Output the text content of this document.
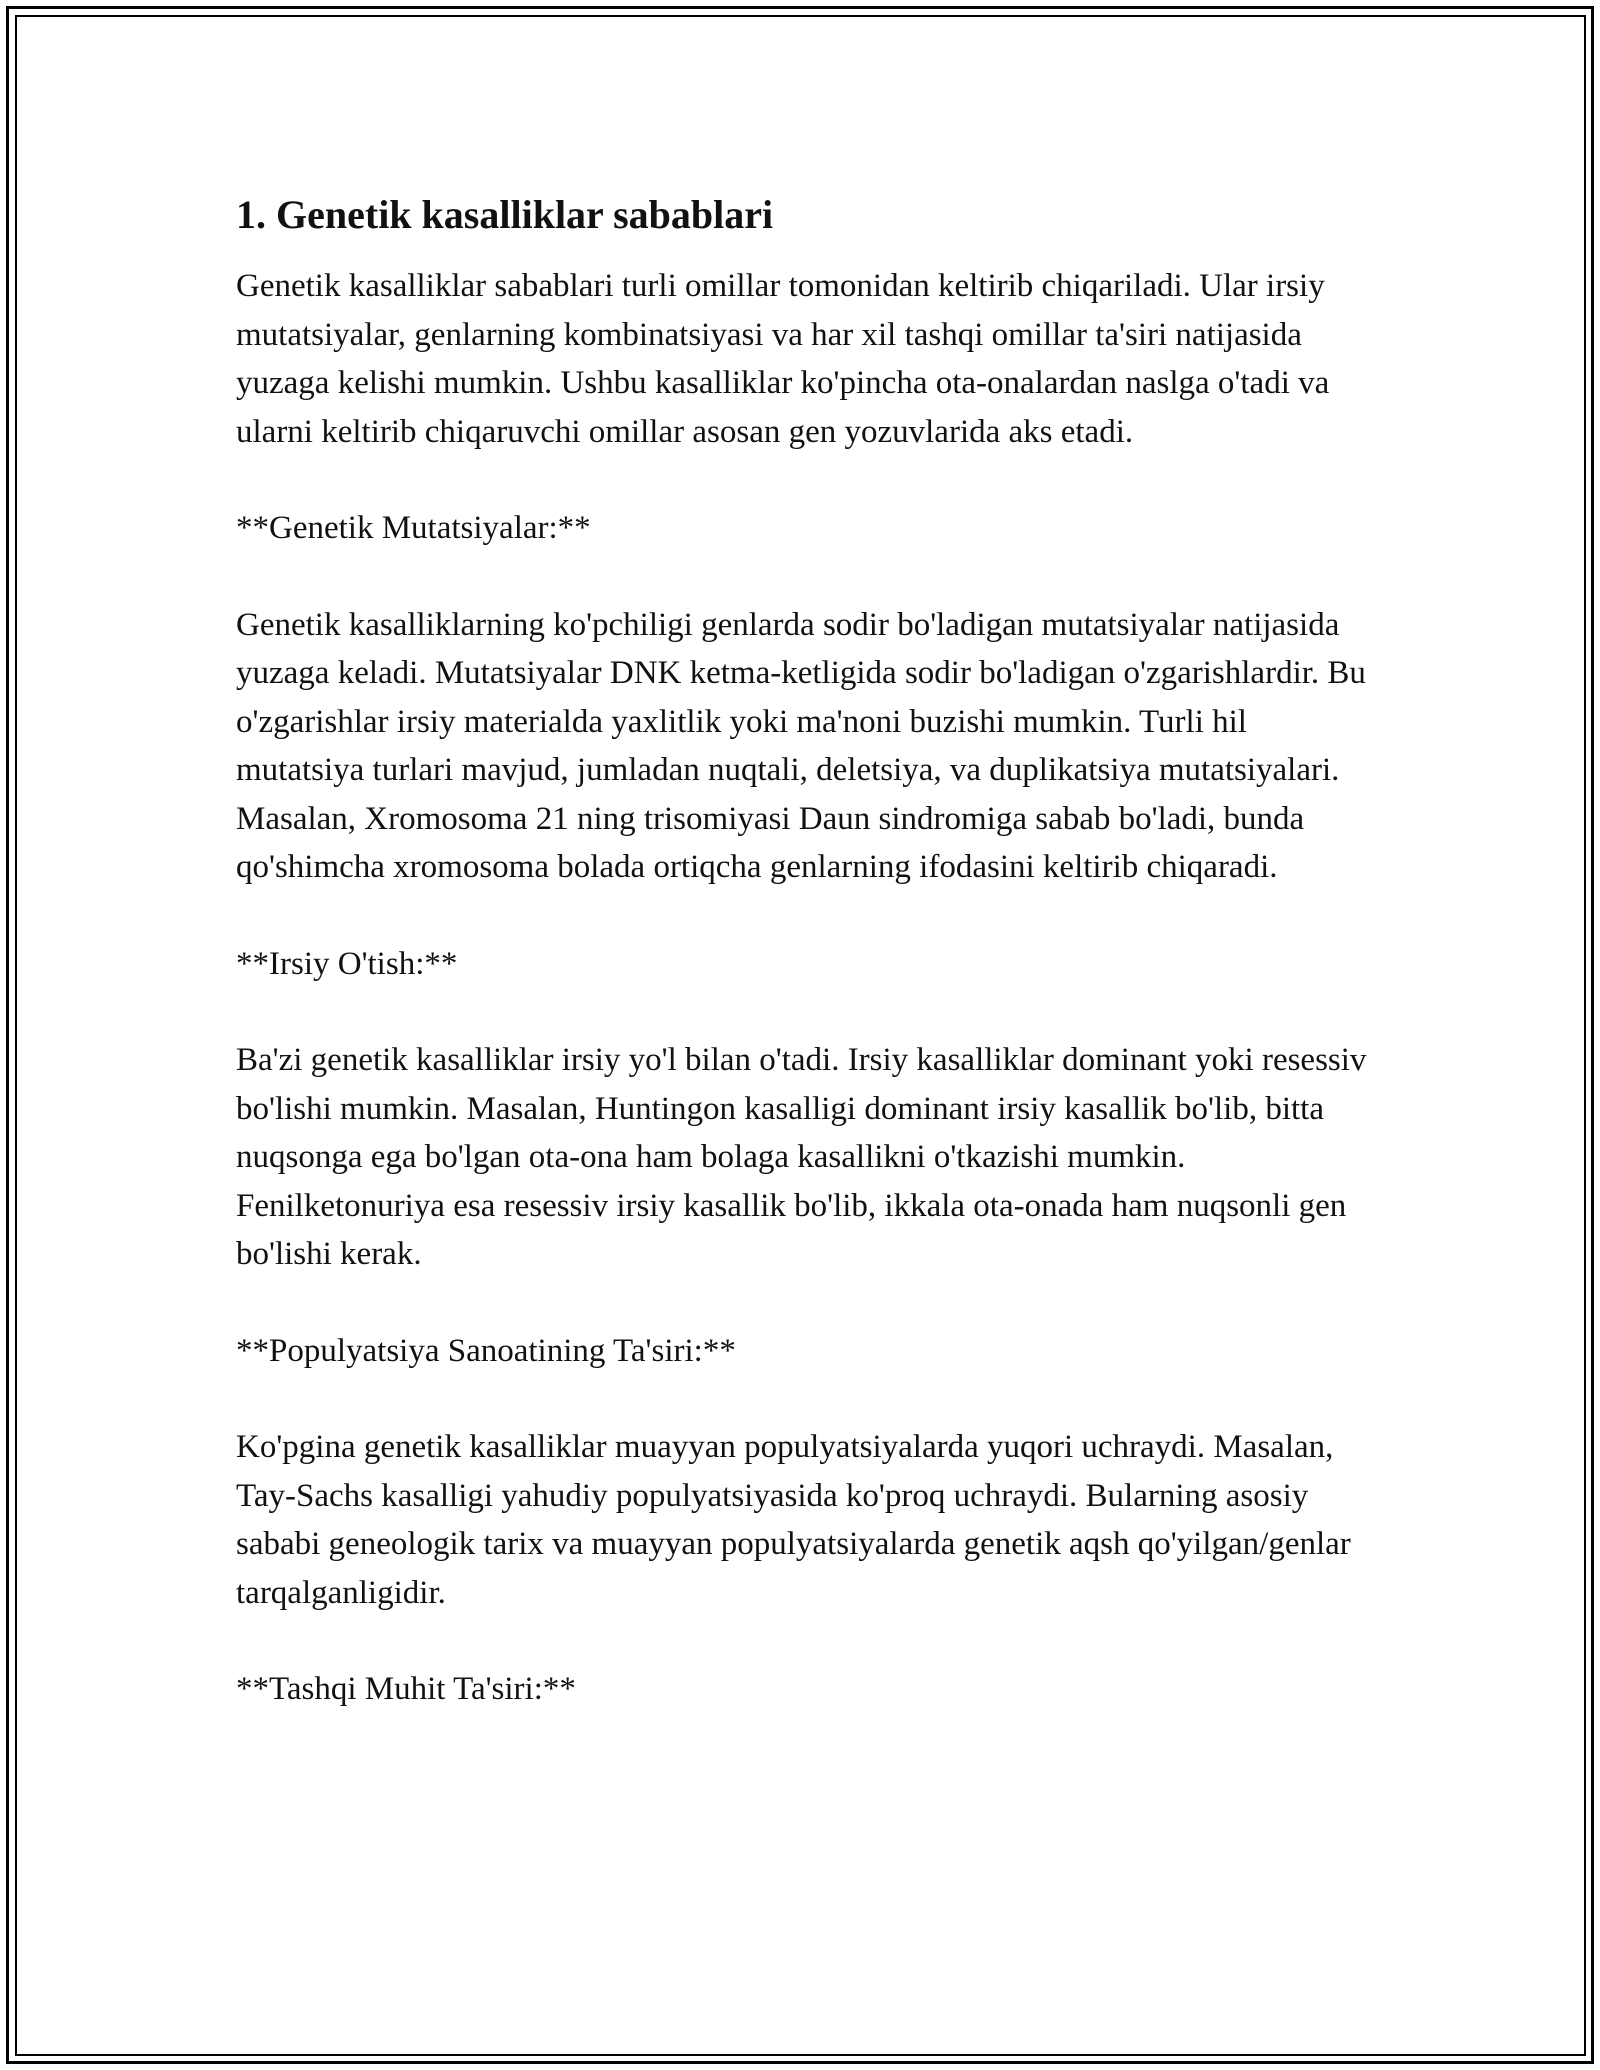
1. Genetik kasalliklar sabablari

Genetik kasalliklar sabablari turli omillar tomonidan keltirib chiqariladi. Ular irsiy mutatsiyalar, genlarning kombinatsiyasi va har xil tashqi omillar ta'siri natijasida yuzaga kelishi mumkin. Ushbu kasalliklar ko'pincha ota-onalardan naslga o'tadi va ularni keltirib chiqaruvchi omillar asosan gen yozuvlarida aks etadi.

**Genetik Mutatsiyalar:**

Genetik kasalliklarning ko'pchiligi genlarda sodir bo'ladigan mutatsiyalar natijasida yuzaga keladi. Mutatsiyalar DNK ketma-ketligida sodir bo'ladigan o'zgarishlardir. Bu o'zgarishlar irsiy materialda yaxlitlik yoki ma'noni buzishi mumkin. Turli hil mutatsiya turlari mavjud, jumladan nuqtali, deletsiya, va duplikatsiya mutatsiyalari. Masalan, Xromosoma 21 ning trisomiyasi Daun sindromiga sabab bo'ladi, bunda qo'shimcha xromosoma bolada ortiqcha genlarning ifodasini keltirib chiqaradi.

**Irsiy O'tish:**

Ba'zi genetik kasalliklar irsiy yo'l bilan o'tadi. Irsiy kasalliklar dominant yoki resessiv bo'lishi mumkin. Masalan, Huntingon kasalligi dominant irsiy kasallik bo'lib, bitta nuqsonga ega bo'lgan ota-ona ham bolaga kasallikni o'tkazishi mumkin. Fenilketonuriya esa resessiv irsiy kasallik bo'lib, ikkala ota-onada ham nuqsonli gen bo'lishi kerak.

**Populyatsiya Sanoatining Ta'siri:**

Ko'pgina genetik kasalliklar muayyan populyatsiyalarda yuqori uchraydi. Masalan, Tay-Sachs kasalligi yahudiy populyatsiyasida ko'proq uchraydi. Bularning asosiy sababi geneologik tarix va muayyan populyatsiyalarda genetik aqsh qo'yilgan/genlar tarqalganligidir.

**Tashqi Muhit Ta'siri:**
